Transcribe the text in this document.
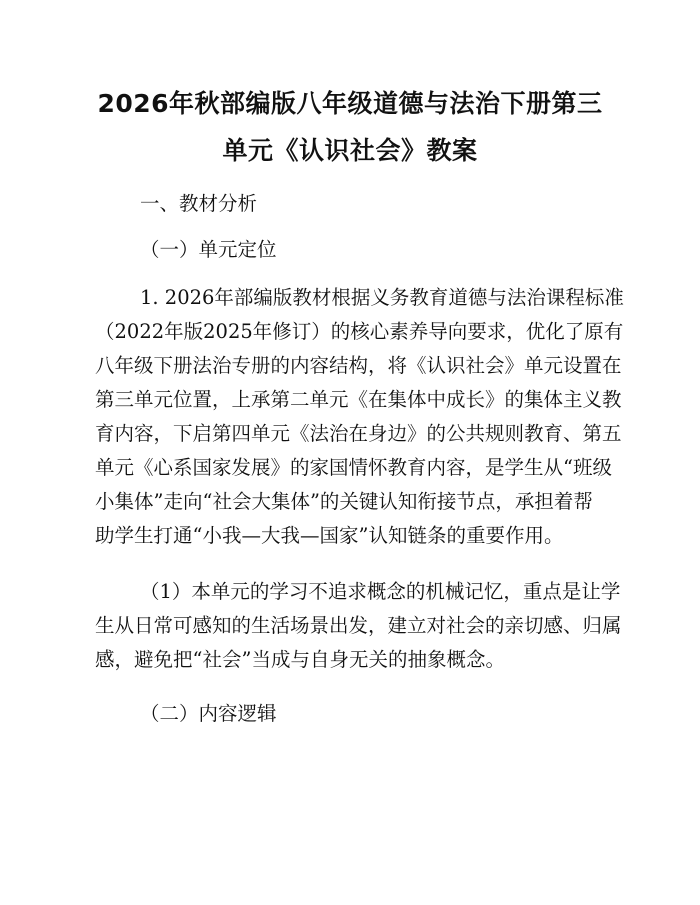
2026年秋部编版八年级道德与法治下册第三
单元《认识社会》教案
一、教材分析
（一）单元定位
1. 2026年部编版教材根据义务教育道德与法治课程标准
（2022年版2025年修订）的核心素养导向要求，优化了原有
八年级下册法治专册的内容结构，将《认识社会》单元设置在
第三单元位置，上承第二单元《在集体中成长》的集体主义教
育内容，下启第四单元《法治在身边》的公共规则教育、第五
单元《心系国家发展》的家国情怀教育内容，是学生从“班级
小集体”走向“社会大集体”的关键认知衔接节点，承担着帮
助学生打通“小我—大我—国家”认知链条的重要作用。
（1）本单元的学习不追求概念的机械记忆，重点是让学
生从日常可感知的生活场景出发，建立对社会的亲切感、归属
感，避免把“社会”当成与自身无关的抽象概念。
（二）内容逻辑
